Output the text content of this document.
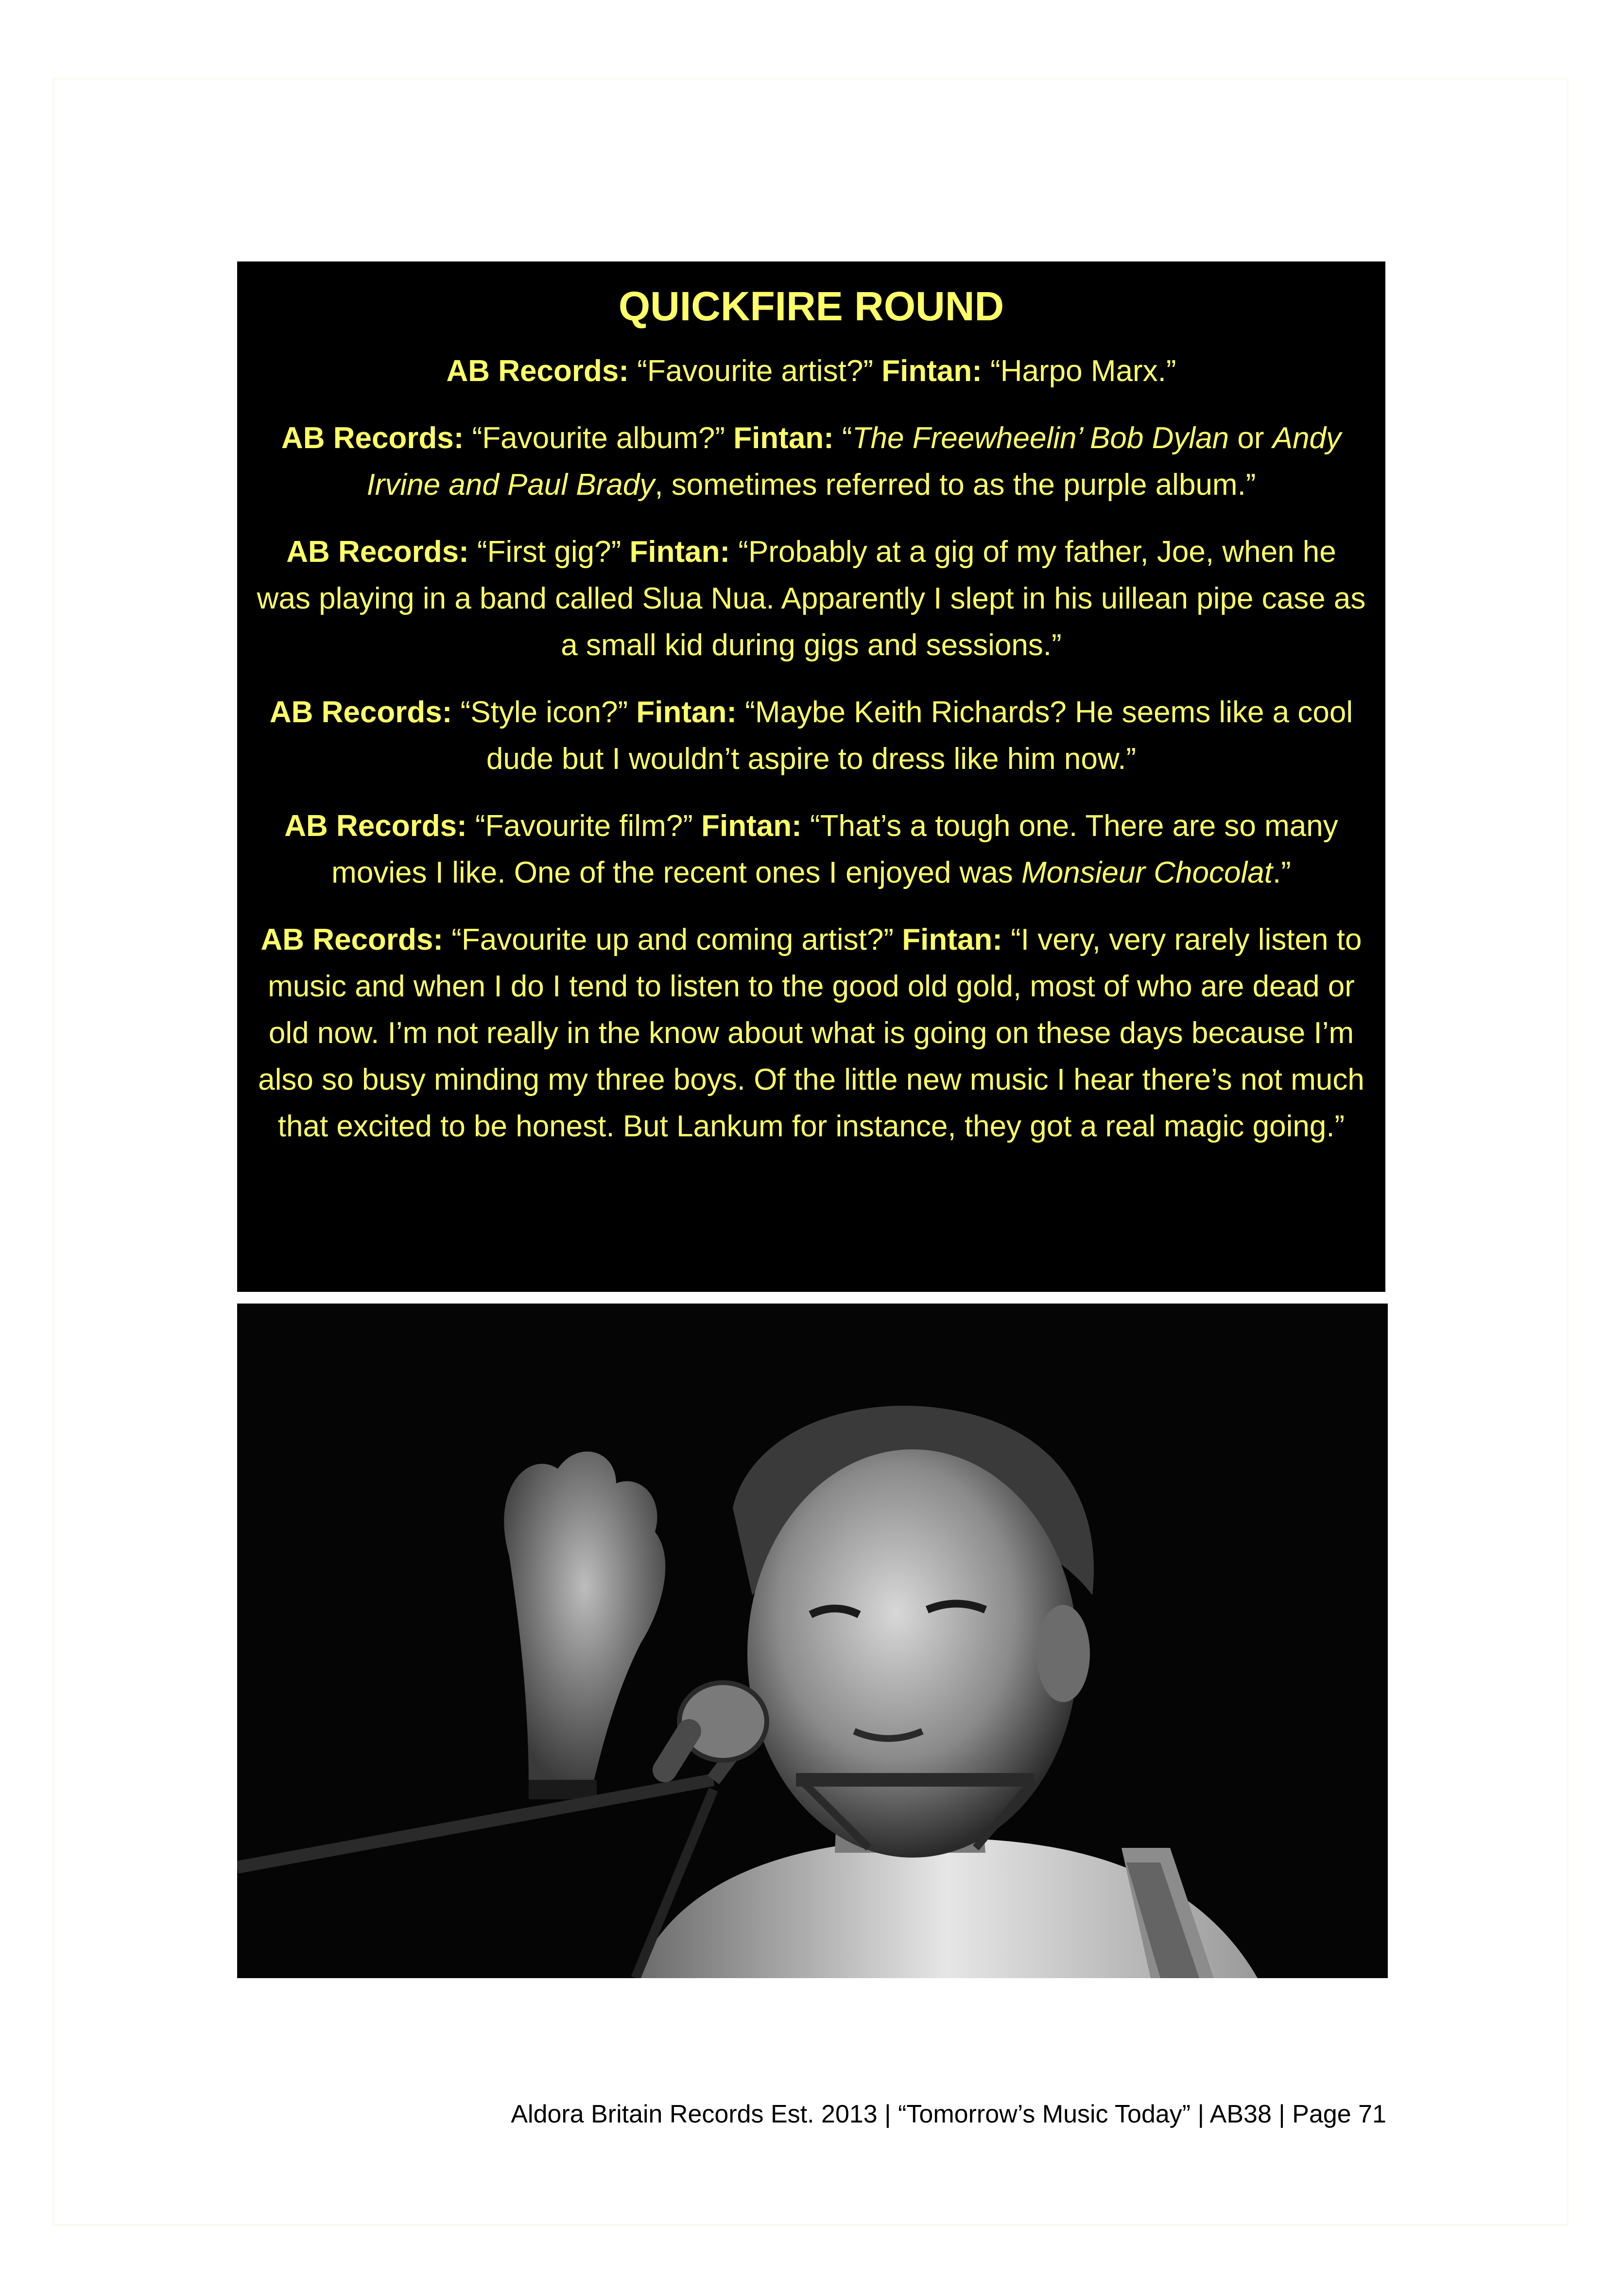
QUICKFIRE ROUND

AB Records: “Favourite artist?” Fintan: “Harpo Marx.”

AB Records: “Favourite album?” Fintan: “The Freewheelin’ Bob Dylan or Andy Irvine and Paul Brady, sometimes referred to as the purple album.”

AB Records: “First gig?” Fintan: “Probably at a gig of my father, Joe, when he was playing in a band called Slua Nua. Apparently I slept in his uillean pipe case as a small kid during gigs and sessions.”

AB Records: “Style icon?” Fintan: “Maybe Keith Richards? He seems like a cool dude but I wouldn’t aspire to dress like him now.”

AB Records: “Favourite film?” Fintan: “That’s a tough one. There are so many movies I like. One of the recent ones I enjoyed was Monsieur Chocolat.”

AB Records: “Favourite up and coming artist?” Fintan: “I very, very rarely listen to music and when I do I tend to listen to the good old gold, most of who are dead or old now. I’m not really in the know about what is going on these days because I’m also so busy minding my three boys. Of the little new music I hear there’s not much that excited to be honest. But Lankum for instance, they got a real magic going.”

Aldora Britain Records Est. 2013 | “Tomorrow’s Music Today” | AB38 | Page 71
